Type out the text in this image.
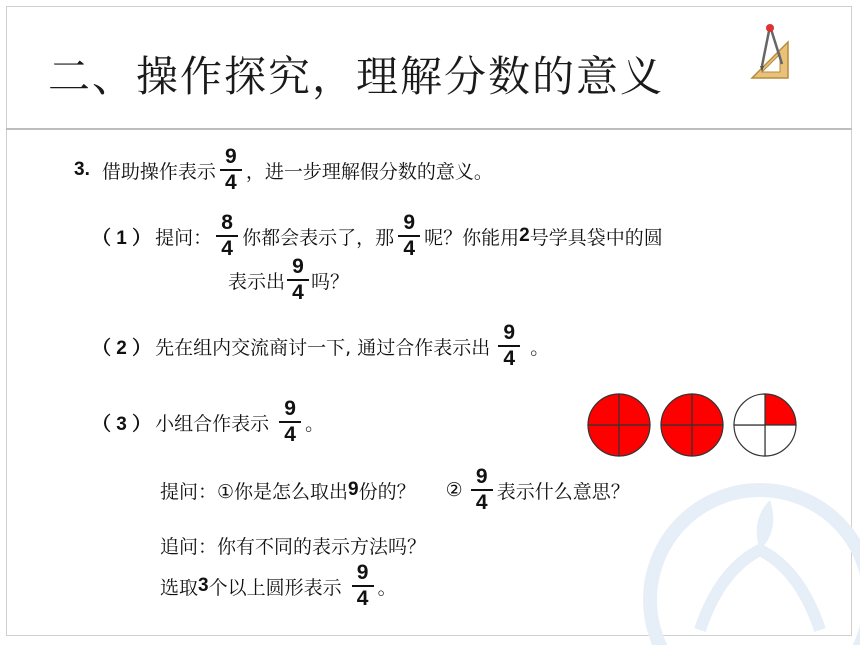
二、操作探究，理解分数的意义
3. 借助操作表示 $\frac{9}{4}$ ，进一步理解假分数的意义。
（ 1 ） 提问： $\frac{8}{4}$ 你都会表示了，那 $\frac{9}{4}$ 呢？你能用 2 号学具袋中的圆
表示出 $\frac{9}{4}$ 吗？
（ 2 ） 先在组内交流商讨一下, 通过合作表示出 $\frac{9}{4}$ 。
（ 3 ） 小组合作表示 $\frac{9}{4}$ 。
提问：①你是怎么取出 9 份的？ ② $\frac{9}{4}$ 表示什么意思？
追问：你有不同的表示方法吗？
选取 3 个以上圆形表示 $\frac{9}{4}$ 。
